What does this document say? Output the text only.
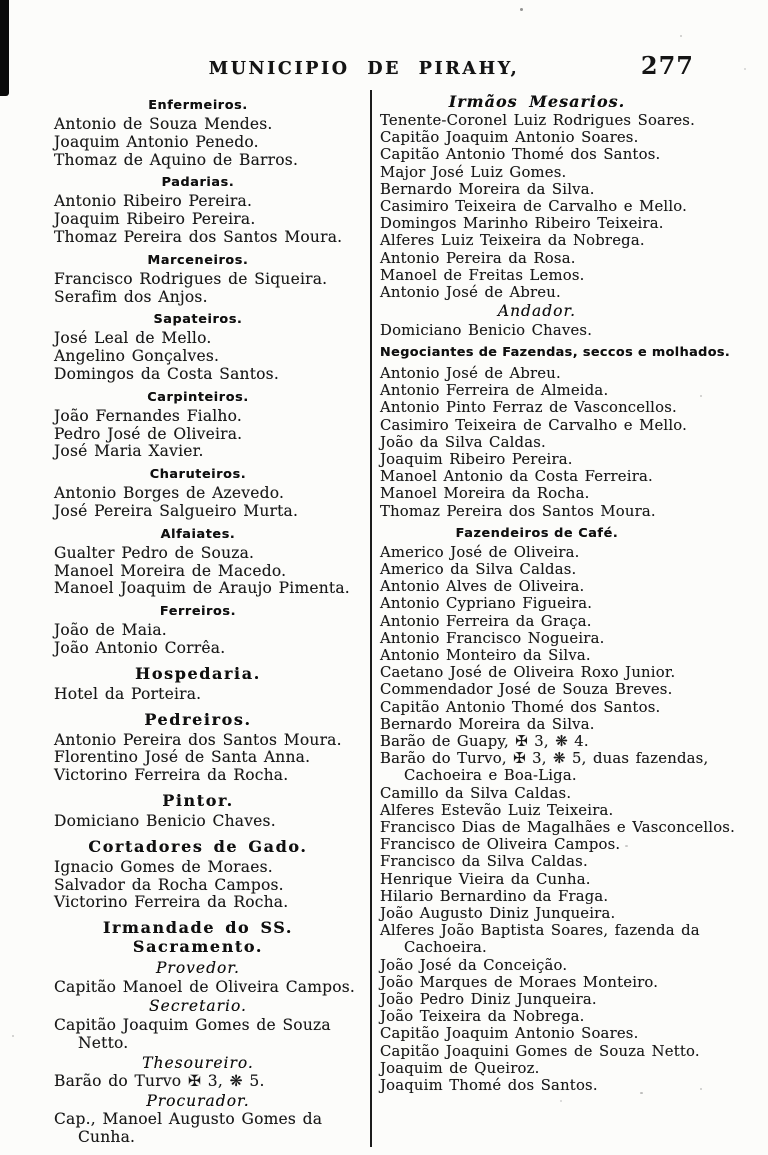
MUNICIPIO DE PIRAHY,	277
Enfermeiros.
Antonio de Souza Mendes.
Joaquim Antonio Penedo.
Thomaz de Aquino de Barros.
Padarias.
Antonio Ribeiro Pereira.
Joaquim Ribeiro Pereira.
Thomaz Pereira dos Santos Moura.
Marceneiros.
Francisco Rodrigues de Siqueira.
Serafim dos Anjos.
Sapateiros.
José Leal de Mello.
Angelino Gonçalves.
Domingos da Costa Santos.
Carpinteiros.
João Fernandes Fialho.
Pedro José de Oliveira.
José Maria Xavier.
Charuteiros.
Antonio Borges de Azevedo.
José Pereira Salgueiro Murta.
Alfaiates.
Gualter Pedro de Souza.
Manoel Moreira de Macedo.
Manoel Joaquim de Araujo Pimenta.
Ferreiros.
João de Maia.
João Antonio Corrêa.
Hospedaria.
Hotel da Porteira.
Pedreiros.
Antonio Pereira dos Santos Moura.
Florentino José de Santa Anna.
Victorino Ferreira da Rocha.
Pintor.
Domiciano Benicio Chaves.
Cortadores de Gado.
Ignacio Gomes de Moraes.
Salvador da Rocha Campos.
Victorino Ferreira da Rocha.
Irmandade do SS. Sacramento.
Provedor.
Capitão Manoel de Oliveira Campos.
Secretario.
Capitão Joaquim Gomes de Souza Netto.
Thesoureiro.
Barão do Turvo ✠ 3, ❋ 5.
Procurador.
Cap., Manoel Augusto Gomes da Cunha.
Irmãos Mesarios.
Tenente-Coronel Luiz Rodrigues Soares.
Capitão Joaquim Antonio Soares.
Capitão Antonio Thomé dos Santos.
Major José Luiz Gomes.
Bernardo Moreira da Silva.
Casimiro Teixeira de Carvalho e Mello.
Domingos Marinho Ribeiro Teixeira.
Alferes Luiz Teixeira da Nobrega.
Antonio Pereira da Rosa.
Manoel de Freitas Lemos.
Antonio José de Abreu.
Andador.
Domiciano Benicio Chaves.
Negociantes de Fazendas, seccos e molhados.
Antonio José de Abreu.
Antonio Ferreira de Almeida.
Antonio Pinto Ferraz de Vasconcellos.
Casimiro Teixeira de Carvalho e Mello.
João da Silva Caldas.
Joaquim Ribeiro Pereira.
Manoel Antonio da Costa Ferreira.
Manoel Moreira da Rocha.
Thomaz Pereira dos Santos Moura.
Fazendeiros de Café.
Americo José de Oliveira.
Americo da Silva Caldas.
Antonio Alves de Oliveira.
Antonio Cypriano Figueira.
Antonio Ferreira da Graça.
Antonio Francisco Nogueira.
Antonio Monteiro da Silva.
Caetano José de Oliveira Roxo Junior.
Commendador José de Souza Breves.
Capitão Antonio Thomé dos Santos.
Bernardo Moreira da Silva.
Barão de Guapy, ✠ 3, ❋ 4.
Barão do Turvo, ✠ 3, ❋ 5, duas fazendas, Cachoeira e Boa-Liga.
Camillo da Silva Caldas.
Alferes Estevão Luiz Teixeira.
Francisco Dias de Magalhães e Vasconcellos.
Francisco de Oliveira Campos.
Francisco da Silva Caldas.
Henrique Vieira da Cunha.
Hilario Bernardino da Fraga.
João Augusto Diniz Junqueira.
Alferes João Baptista Soares, fazenda da Cachoeira.
João José da Conceição.
João Marques de Moraes Monteiro.
João Pedro Diniz Junqueira.
João Teixeira da Nobrega.
Capitão Joaquim Antonio Soares.
Capitão Joaquini Gomes de Souza Netto.
Joaquim de Queiroz.
Joaquim Thomé dos Santos.
